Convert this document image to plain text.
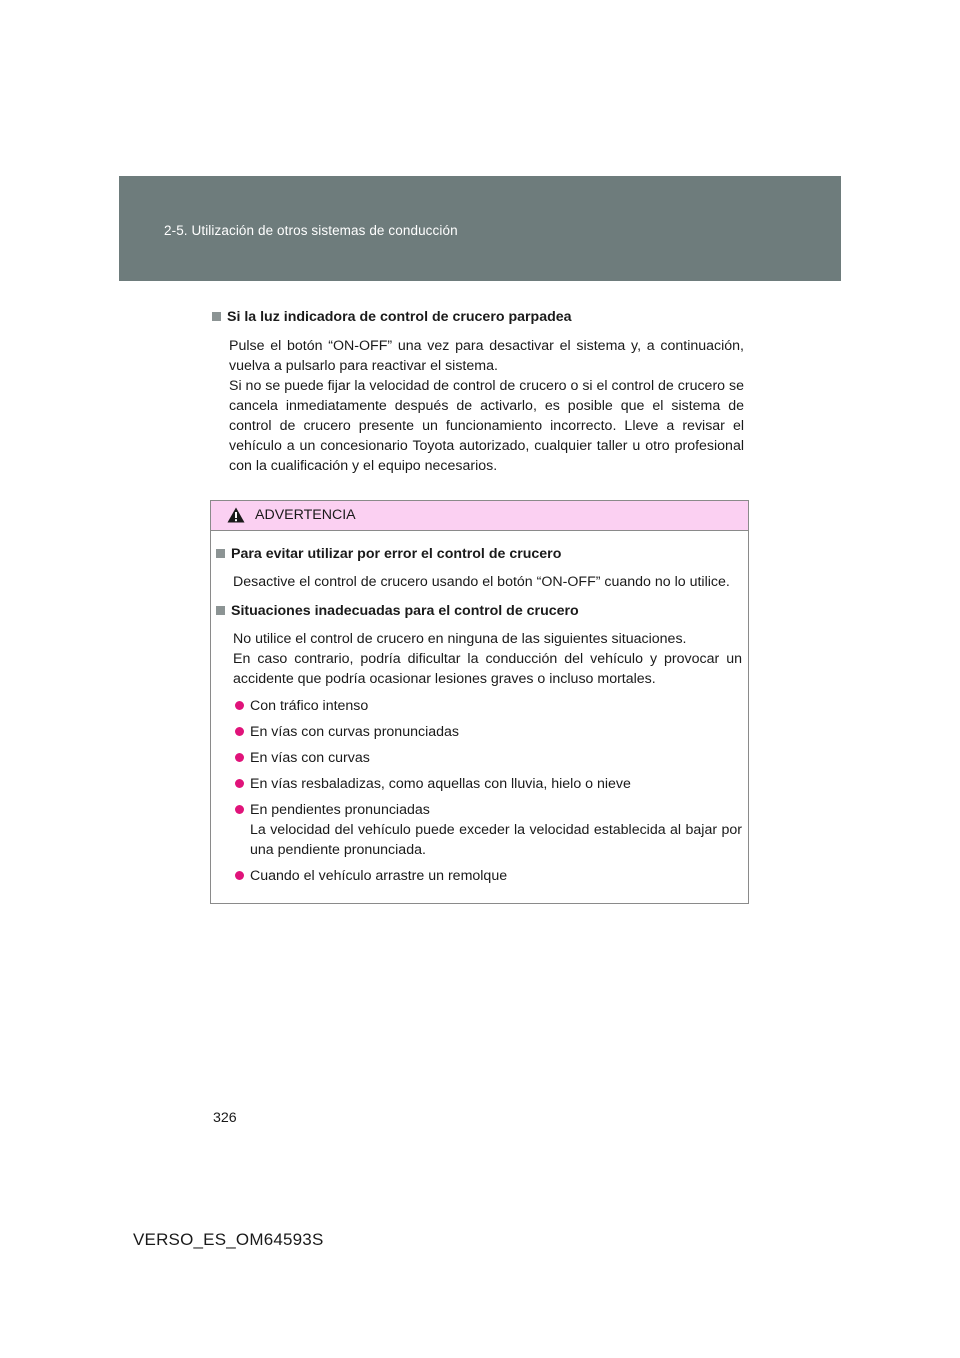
2-5. Utilización de otros sistemas de conducción

Si la luz indicadora de control de crucero parpadea

Pulse el botón “ON-OFF” una vez para desactivar el sistema y, a continuación, vuelva a pulsarlo para reactivar el sistema.

Si no se puede fijar la velocidad de control de crucero o si el control de crucero se cancela inmediatamente después de activarlo, es posible que el sistema de control de crucero presente un funcionamiento incorrecto. Lleve a revisar el vehículo a un concesionario Toyota autorizado, cualquier taller u otro profesional con la cualificación y el equipo necesarios.

ADVERTENCIA

Para evitar utilizar por error el control de crucero

Desactive el control de crucero usando el botón “ON-OFF” cuando no lo utilice.

Situaciones inadecuadas para el control de crucero

No utilice el control de crucero en ninguna de las siguientes situaciones.

En caso contrario, podría dificultar la conducción del vehículo y provocar un accidente que podría ocasionar lesiones graves o incluso mortales.

Con tráfico intenso
En vías con curvas pronunciadas
En vías con curvas
En vías resbaladizas, como aquellas con lluvia, hielo o nieve
En pendientes pronunciadas
La velocidad del vehículo puede exceder la velocidad establecida al bajar por una pendiente pronunciada.
Cuando el vehículo arrastre un remolque
326
VERSO_ES_OM64593S
